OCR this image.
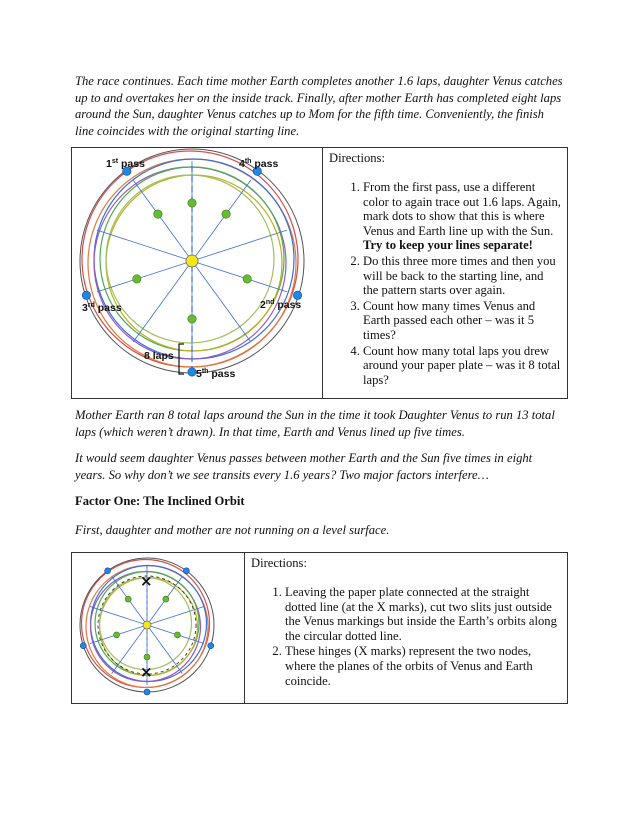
The race continues. Each time mother Earth completes another 1.6 laps, daughter Venus catches up to and overtakes her on the inside track. Finally, after mother Earth has completed eight laps around the Sun, daughter Venus catches up to Mom for the fifth time. Conveniently, the finish line coincides with the original starting line.

1st pass	4th pass
3rd pass	2nd pass
5th pass
8 laps

Directions:
1. From the first pass, use a different color to again trace out 1.6 laps. Again, mark dots to show that this is where Venus and Earth line up with the Sun. Try to keep your lines separate!
2. Do this three more times and then you will be back to the starting line, and the pattern starts over again.
3. Count how many times Venus and Earth passed each other – was it 5 times?
4. Count how many total laps you drew around your paper plate – was it 8 total laps?

Mother Earth ran 8 total laps around the Sun in the time it took Daughter Venus to run 13 total laps (which weren’t drawn). In that time, Earth and Venus lined up five times.

It would seem daughter Venus passes between mother Earth and the Sun five times in eight years. So why don’t we see transits every 1.6 years? Two major factors interfere…

Factor One: The Inclined Orbit

First, daughter and mother are not running on a level surface.

×
×

Directions:
1. Leaving the paper plate connected at the straight dotted line (at the X marks), cut two slits just outside the Venus markings but inside the Earth’s orbits along the circular dotted line.
2. These hinges (X marks) represent the two nodes, where the planes of the orbits of Venus and Earth coincide.
